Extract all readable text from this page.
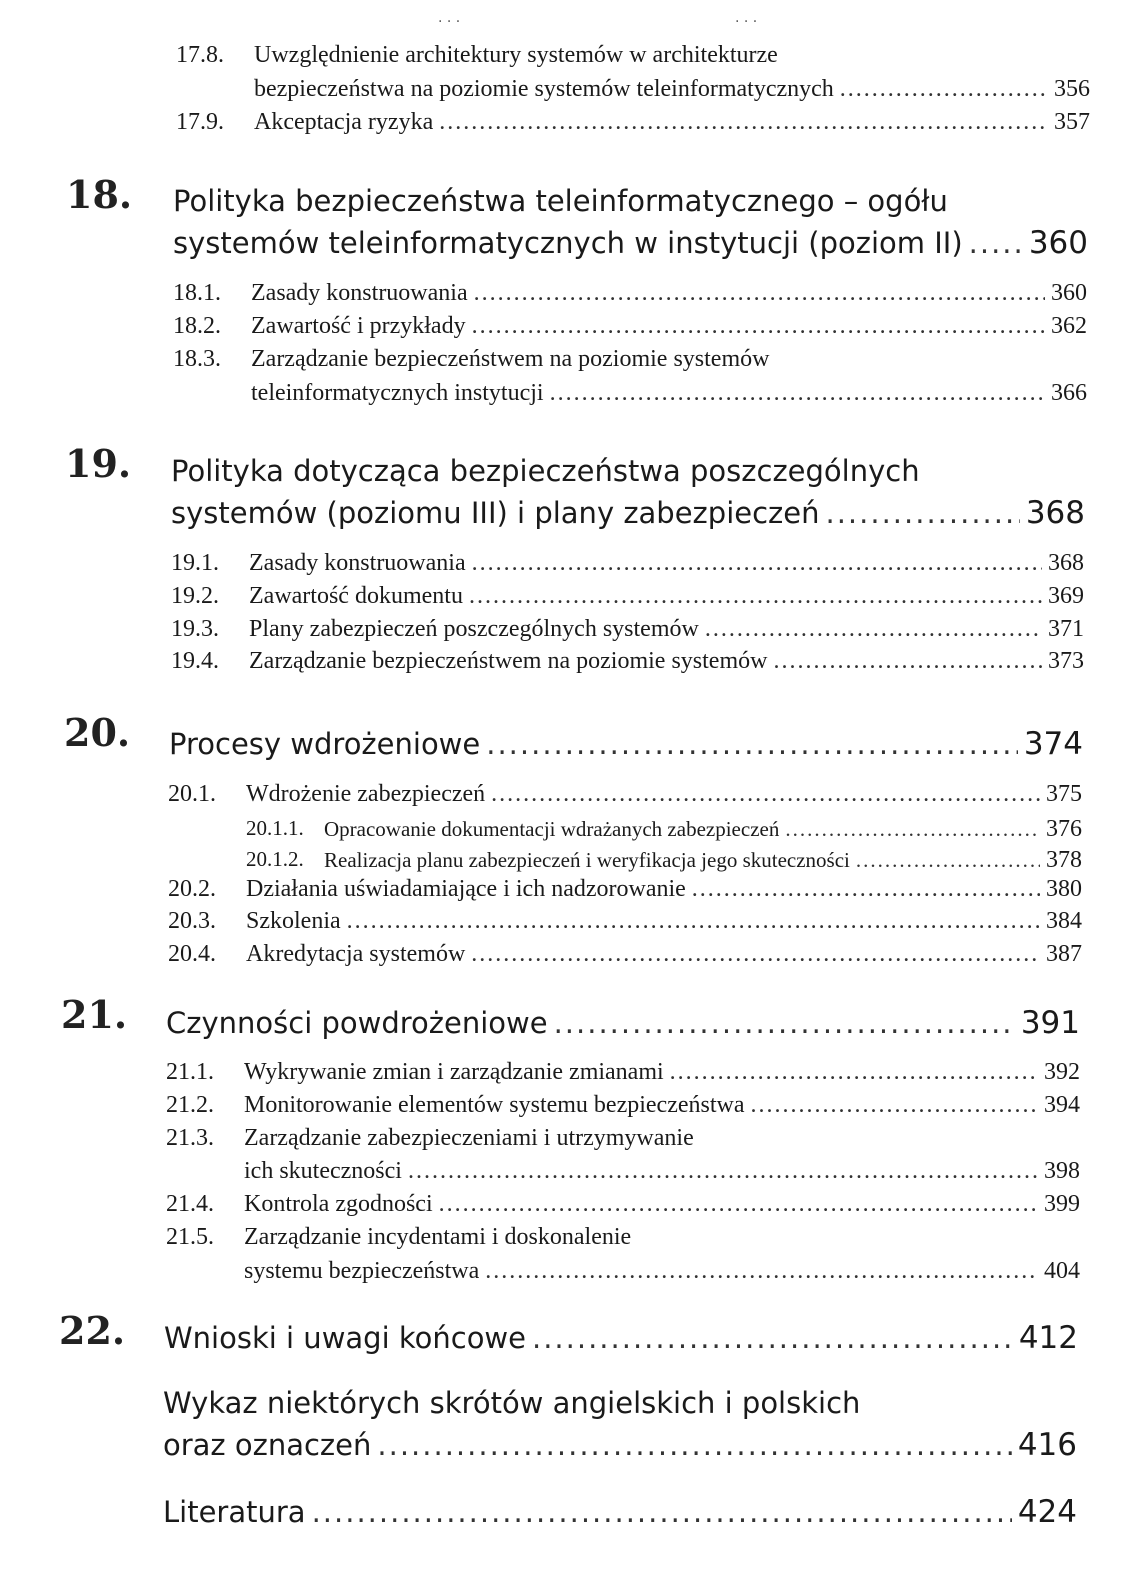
· · ·	· · ·
17.8. Uwzględnienie architektury systemów w architekturze
bezpieczeństwa na poziomie systemów teleinformatycznych .....	356
17.9. Akceptacja ryzyka .....	357
18. Polityka bezpieczeństwa teleinformatycznego – ogółu
systemów teleinformatycznych w instytucji (poziom II) ..... 360
18.1. Zasady konstruowania .....	360
18.2. Zawartość i przykłady .....	362
18.3. Zarządzanie bezpieczeństwem na poziomie systemów
teleinformatycznych instytucji .....	366
19. Polityka dotycząca bezpieczeństwa poszczególnych
systemów (poziomu III) i plany zabezpieczeń .....	368
19.1. Zasady konstruowania .....	368
19.2. Zawartość dokumentu .....	369
19.3. Plany zabezpieczeń poszczególnych systemów .....	371
19.4. Zarządzanie bezpieczeństwem na poziomie systemów .....	373
20. Procesy wdrożeniowe .....	374
20.1. Wdrożenie zabezpieczeń .....	375
20.1.1. Opracowanie dokumentacji wdrażanych zabezpieczeń .....	376
20.1.2. Realizacja planu zabezpieczeń i weryfikacja jego skuteczności .....	378
20.2. Działania uświadamiające i ich nadzorowanie .....	380
20.3. Szkolenia .....	384
20.4. Akredytacja systemów .....	387
21. Czynności powdrożeniowe .....	391
21.1. Wykrywanie zmian i zarządzanie zmianami .....	392
21.2. Monitorowanie elementów systemu bezpieczeństwa .....	394
21.3. Zarządzanie zabezpieczeniami i utrzymywanie
ich skuteczności .....	398
21.4. Kontrola zgodności .....	399
21.5. Zarządzanie incydentami i doskonalenie
systemu bezpieczeństwa .....	404
22. Wnioski i uwagi końcowe .....	412
Wykaz niektórych skrótów angielskich i polskich
oraz oznaczeń .....	416
Literatura .....	424
